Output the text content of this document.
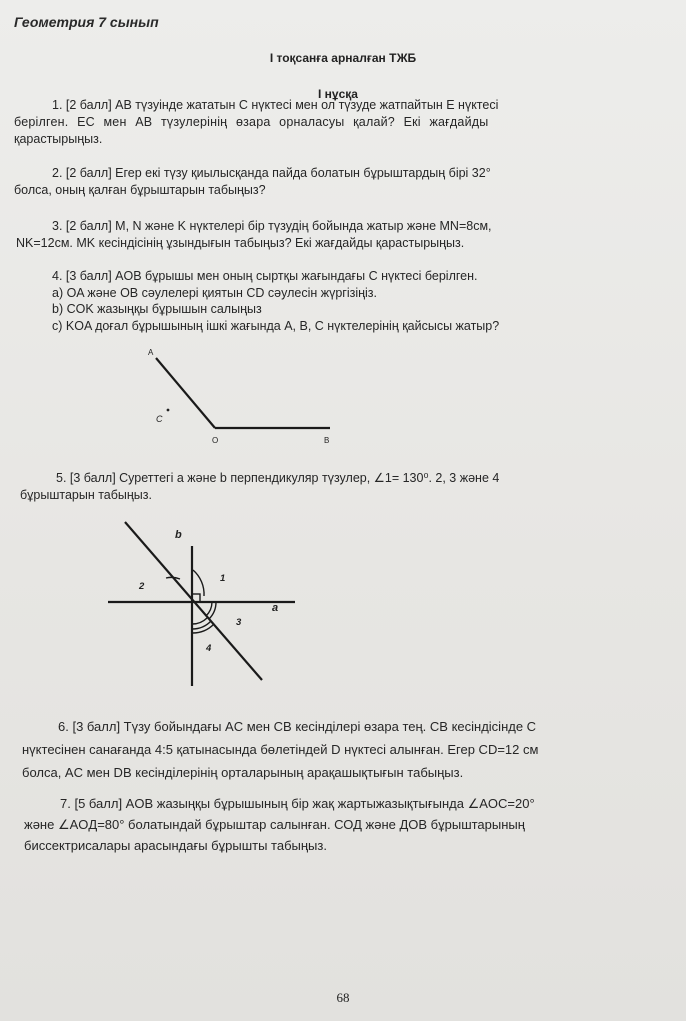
Геометрия 7 сынып
І тоқсанға арналған ТЖБ
І нұсқа
1. [2 балл] АВ түзуінде жататын С нүктесі мен ол түзуде жатпайтын Е нүктесі
берілген. ЕС мен АВ түзулерінің өзара орналасуы қалай? Екі жағдайды
қарастырыңыз.
2. [2 балл] Егер екі түзу қиылысқанда пайда болатын бұрыштардың бірі 32°
болса, оның қалған бұрыштарын табыңыз?
3. [2 балл] M, N және K нүктелері бір түзудің бойында жатыр және MN=8см,
NK=12см. MK кесіндісінің ұзындығын табыңыз? Екі жағдайды қарастырыңыз.
4. [3 балл] AOB бұрышы мен оның сыртқы жағындағы С нүктесі берілген.
a) OA және OB сәулелері қиятын CD сәулесін жүргізіңіз.
b) COK жазыңқы бұрышын салыңыз
c) KOA доғал бұрышының ішкі жағында A, B, C нүктелерінің қайсысы жатыр?
A
C
O	B
5. [3 балл] Суреттегі a және b перпендикуляр түзулер, ∠1= 130⁰. 2, 3 және 4
бұрыштарын табыңыз.
b
a
1
2
3
4
6. [3 балл] Түзу бойындағы AC мен CB кесінділері өзара тең. CB кесіндісінде С
нүктесінен санағанда 4:5 қатынасында бөлетіндей D нүктесі алынған. Егер CD=12 см
болса, AC мен DB кесінділерінің орталарының арақашықтығын табыңыз.
7. [5 балл] AOB жазыңқы бұрышының бір жақ жартыжазықтығында ∠AOC=20°
және ∠AOД=80° болатындай бұрыштар салынған. СОД және ДОВ бұрыштарының
биссектрисалары арасындағы бұрышты табыңыз.
68
